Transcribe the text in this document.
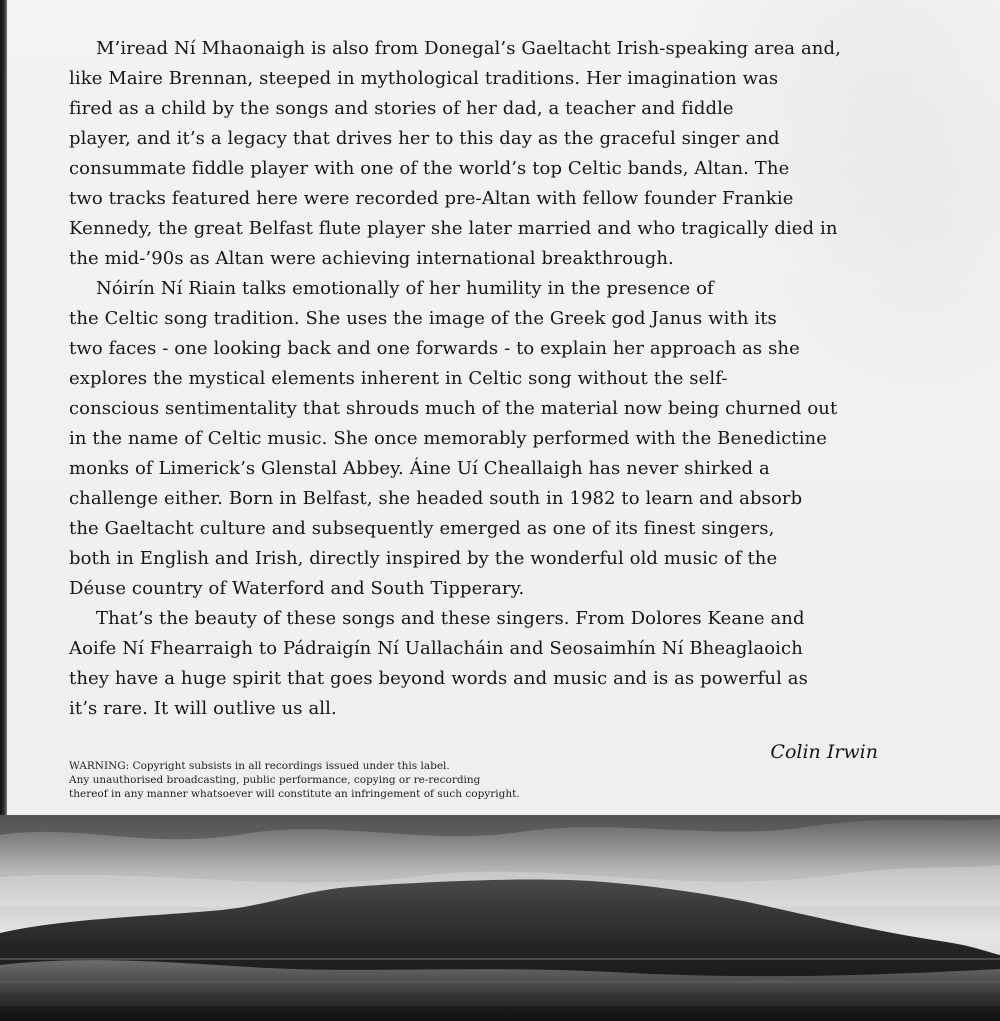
M’iread Ní Mhaonaigh is also from Donegal’s Gaeltacht Irish-speaking area and,

like Maire Brennan, steeped in mythological traditions. Her imagination was

fired as a child by the songs and stories of her dad, a teacher and fiddle

player, and it’s a legacy that drives her to this day as the graceful singer and

consummate fiddle player with one of the world’s top Celtic bands, Altan. The

two tracks featured here were recorded pre-Altan with fellow founder Frankie

Kennedy, the great Belfast flute player she later married and who tragically died in

the mid-’90s as Altan were achieving international breakthrough.

Nóirín Ní Riain talks emotionally of her humility in the presence of

the Celtic song tradition. She uses the image of the Greek god Janus with its

two faces - one looking back and one forwards - to explain her approach as she

explores the mystical elements inherent in Celtic song without the self-

conscious sentimentality that shrouds much of the material now being churned out

in the name of Celtic music. She once memorably performed with the Benedictine

monks of Limerick’s Glenstal Abbey. Áine Uí Cheallaigh has never shirked a

challenge either. Born in Belfast, she headed south in 1982 to learn and absorb

the Gaeltacht culture and subsequently emerged as one of its finest singers,

both in English and Irish, directly inspired by the wonderful old music of the

Déuse country of Waterford and South Tipperary.

That’s the beauty of these songs and these singers. From Dolores Keane and

Aoife Ní Fhearraigh to Pádraigín Ní Uallacháin and Seosaimhín Ní Bheaglaoich

they have a huge spirit that goes beyond words and music and is as powerful as

it’s rare. It will outlive us all.

Colin Irwin

WARNING: Copyright subsists in all recordings issued under this label.

Any unauthorised broadcasting, public performance, copying or re-recording

thereof in any manner whatsoever will constitute an infringement of such copyright.
